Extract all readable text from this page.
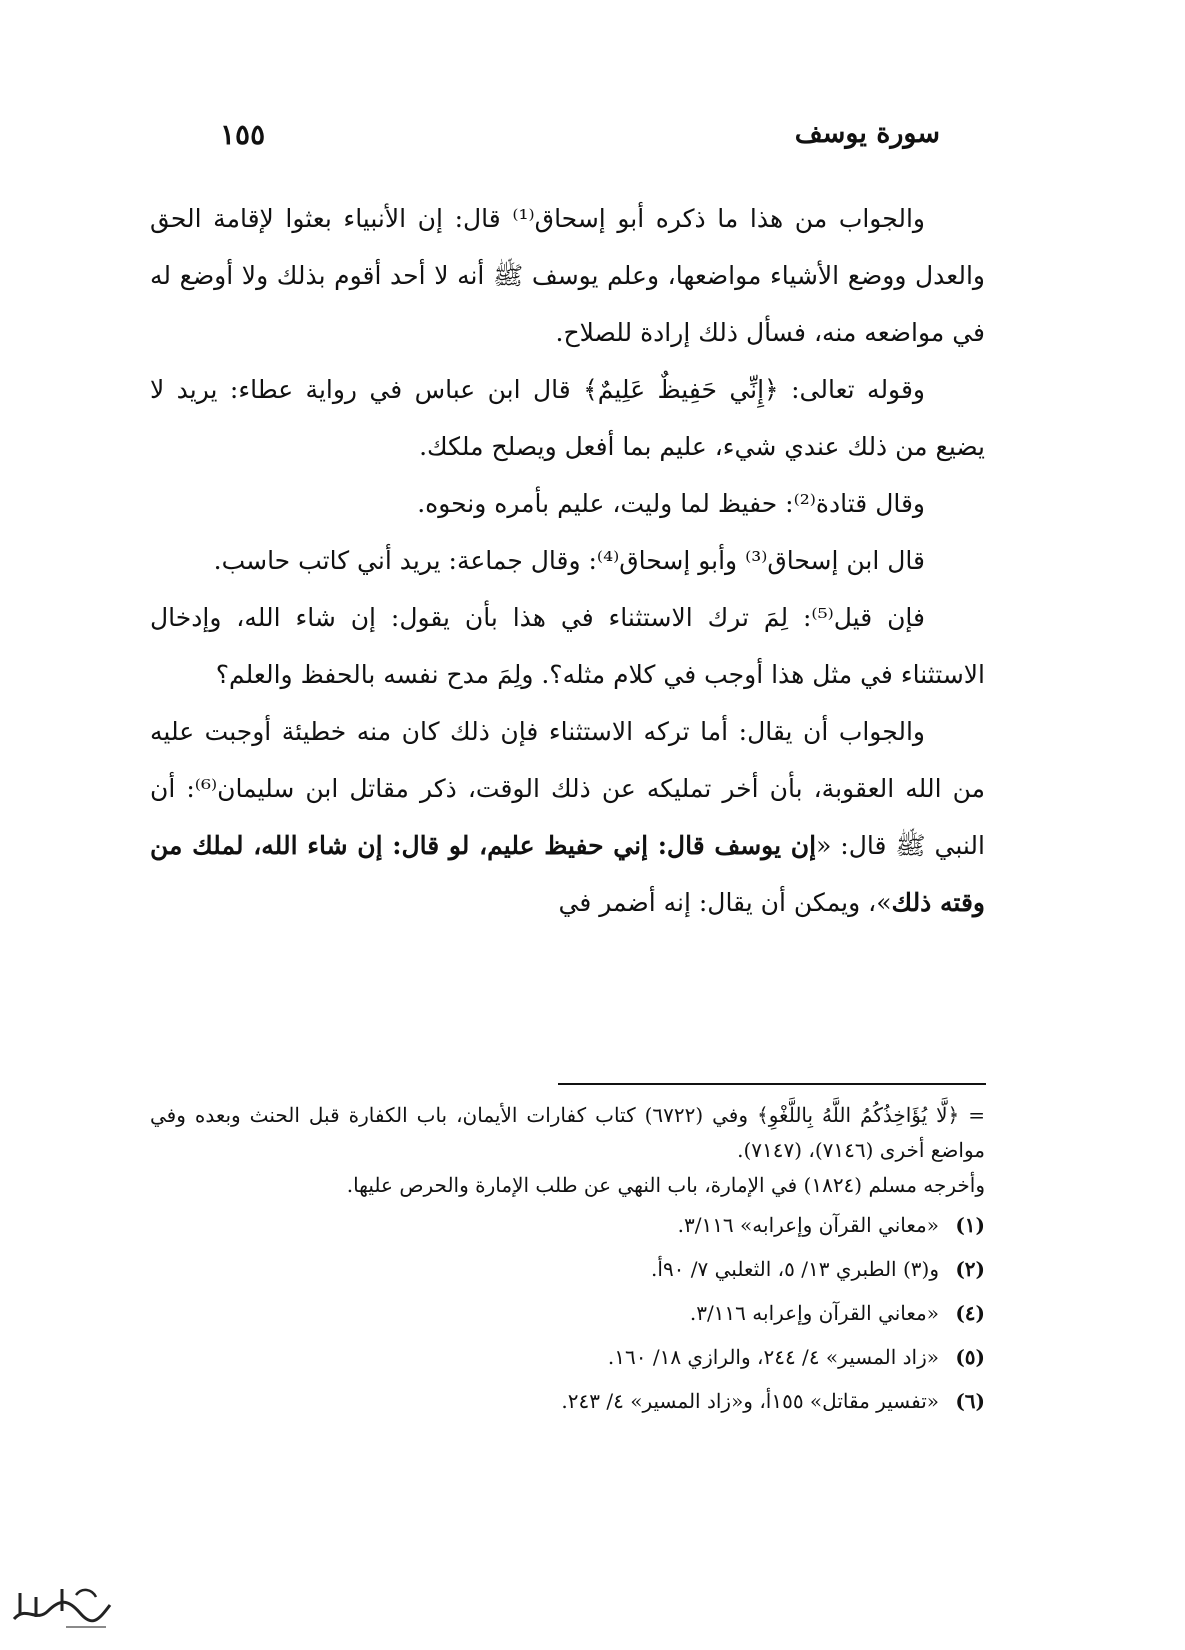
سورة يوسف
١٥٥

والجواب من هذا ما ذكره أبو إسحاق⁽¹⁾ قال: إن الأنبياء بعثوا لإقامة الحق والعدل ووضع الأشياء مواضعها، وعلم يوسف ﷺ أنه لا أحد أقوم بذلك ولا أوضع له في مواضعه منه، فسأل ذلك إرادة للصلاح.

وقوله تعالى: ﴿إِنِّي حَفِيظٌ عَلِيمٌ﴾ قال ابن عباس في رواية عطاء: يريد لا يضيع من ذلك عندي شيء، عليم بما أفعل ويصلح ملكك.

وقال قتادة⁽²⁾: حفيظ لما وليت، عليم بأمره ونحوه.

قال ابن إسحاق⁽³⁾ وأبو إسحاق⁽⁴⁾: وقال جماعة: يريد أني كاتب حاسب.

فإن قيل⁽⁵⁾: لِمَ ترك الاستثناء في هذا بأن يقول: إن شاء الله، وإدخال الاستثناء في مثل هذا أوجب في كلام مثله؟. ولِمَ مدح نفسه بالحفظ والعلم؟

والجواب أن يقال: أما تركه الاستثناء فإن ذلك كان منه خطيئة أوجبت عليه من الله العقوبة، بأن أخر تمليكه عن ذلك الوقت، ذكر مقاتل ابن سليمان⁽⁶⁾: أن النبي ﷺ قال: «إن يوسف قال: إني حفيظ عليم، لو قال: إن شاء الله، لملك من وقته ذلك»، ويمكن أن يقال: إنه أضمر في

= ﴿لَّا يُؤَاخِذُكُمُ اللَّهُ بِاللَّغْوِ﴾ وفي (٦٧٢٢) كتاب كفارات الأيمان، باب الكفارة قبل الحنث وبعده وفي مواضع أخرى (٧١٤٦)، (٧١٤٧).

وأخرجه مسلم (١٨٢٤) في الإمارة، باب النهي عن طلب الإمارة والحرص عليها.

(١)«معاني القرآن وإعرابه» ٣/١١٦.

(٢)و(٣) الطبري ١٣/ ٥، الثعلبي ٧/ ٩٠أ.

(٤)«معاني القرآن وإعرابه ٣/١١٦.

(٥)«زاد المسير» ٤/ ٢٤٤، والرازي ١٨/ ١٦٠.

(٦)«تفسير مقاتل» ١٥٥أ، و«زاد المسير» ٤/ ٢٤٣.
